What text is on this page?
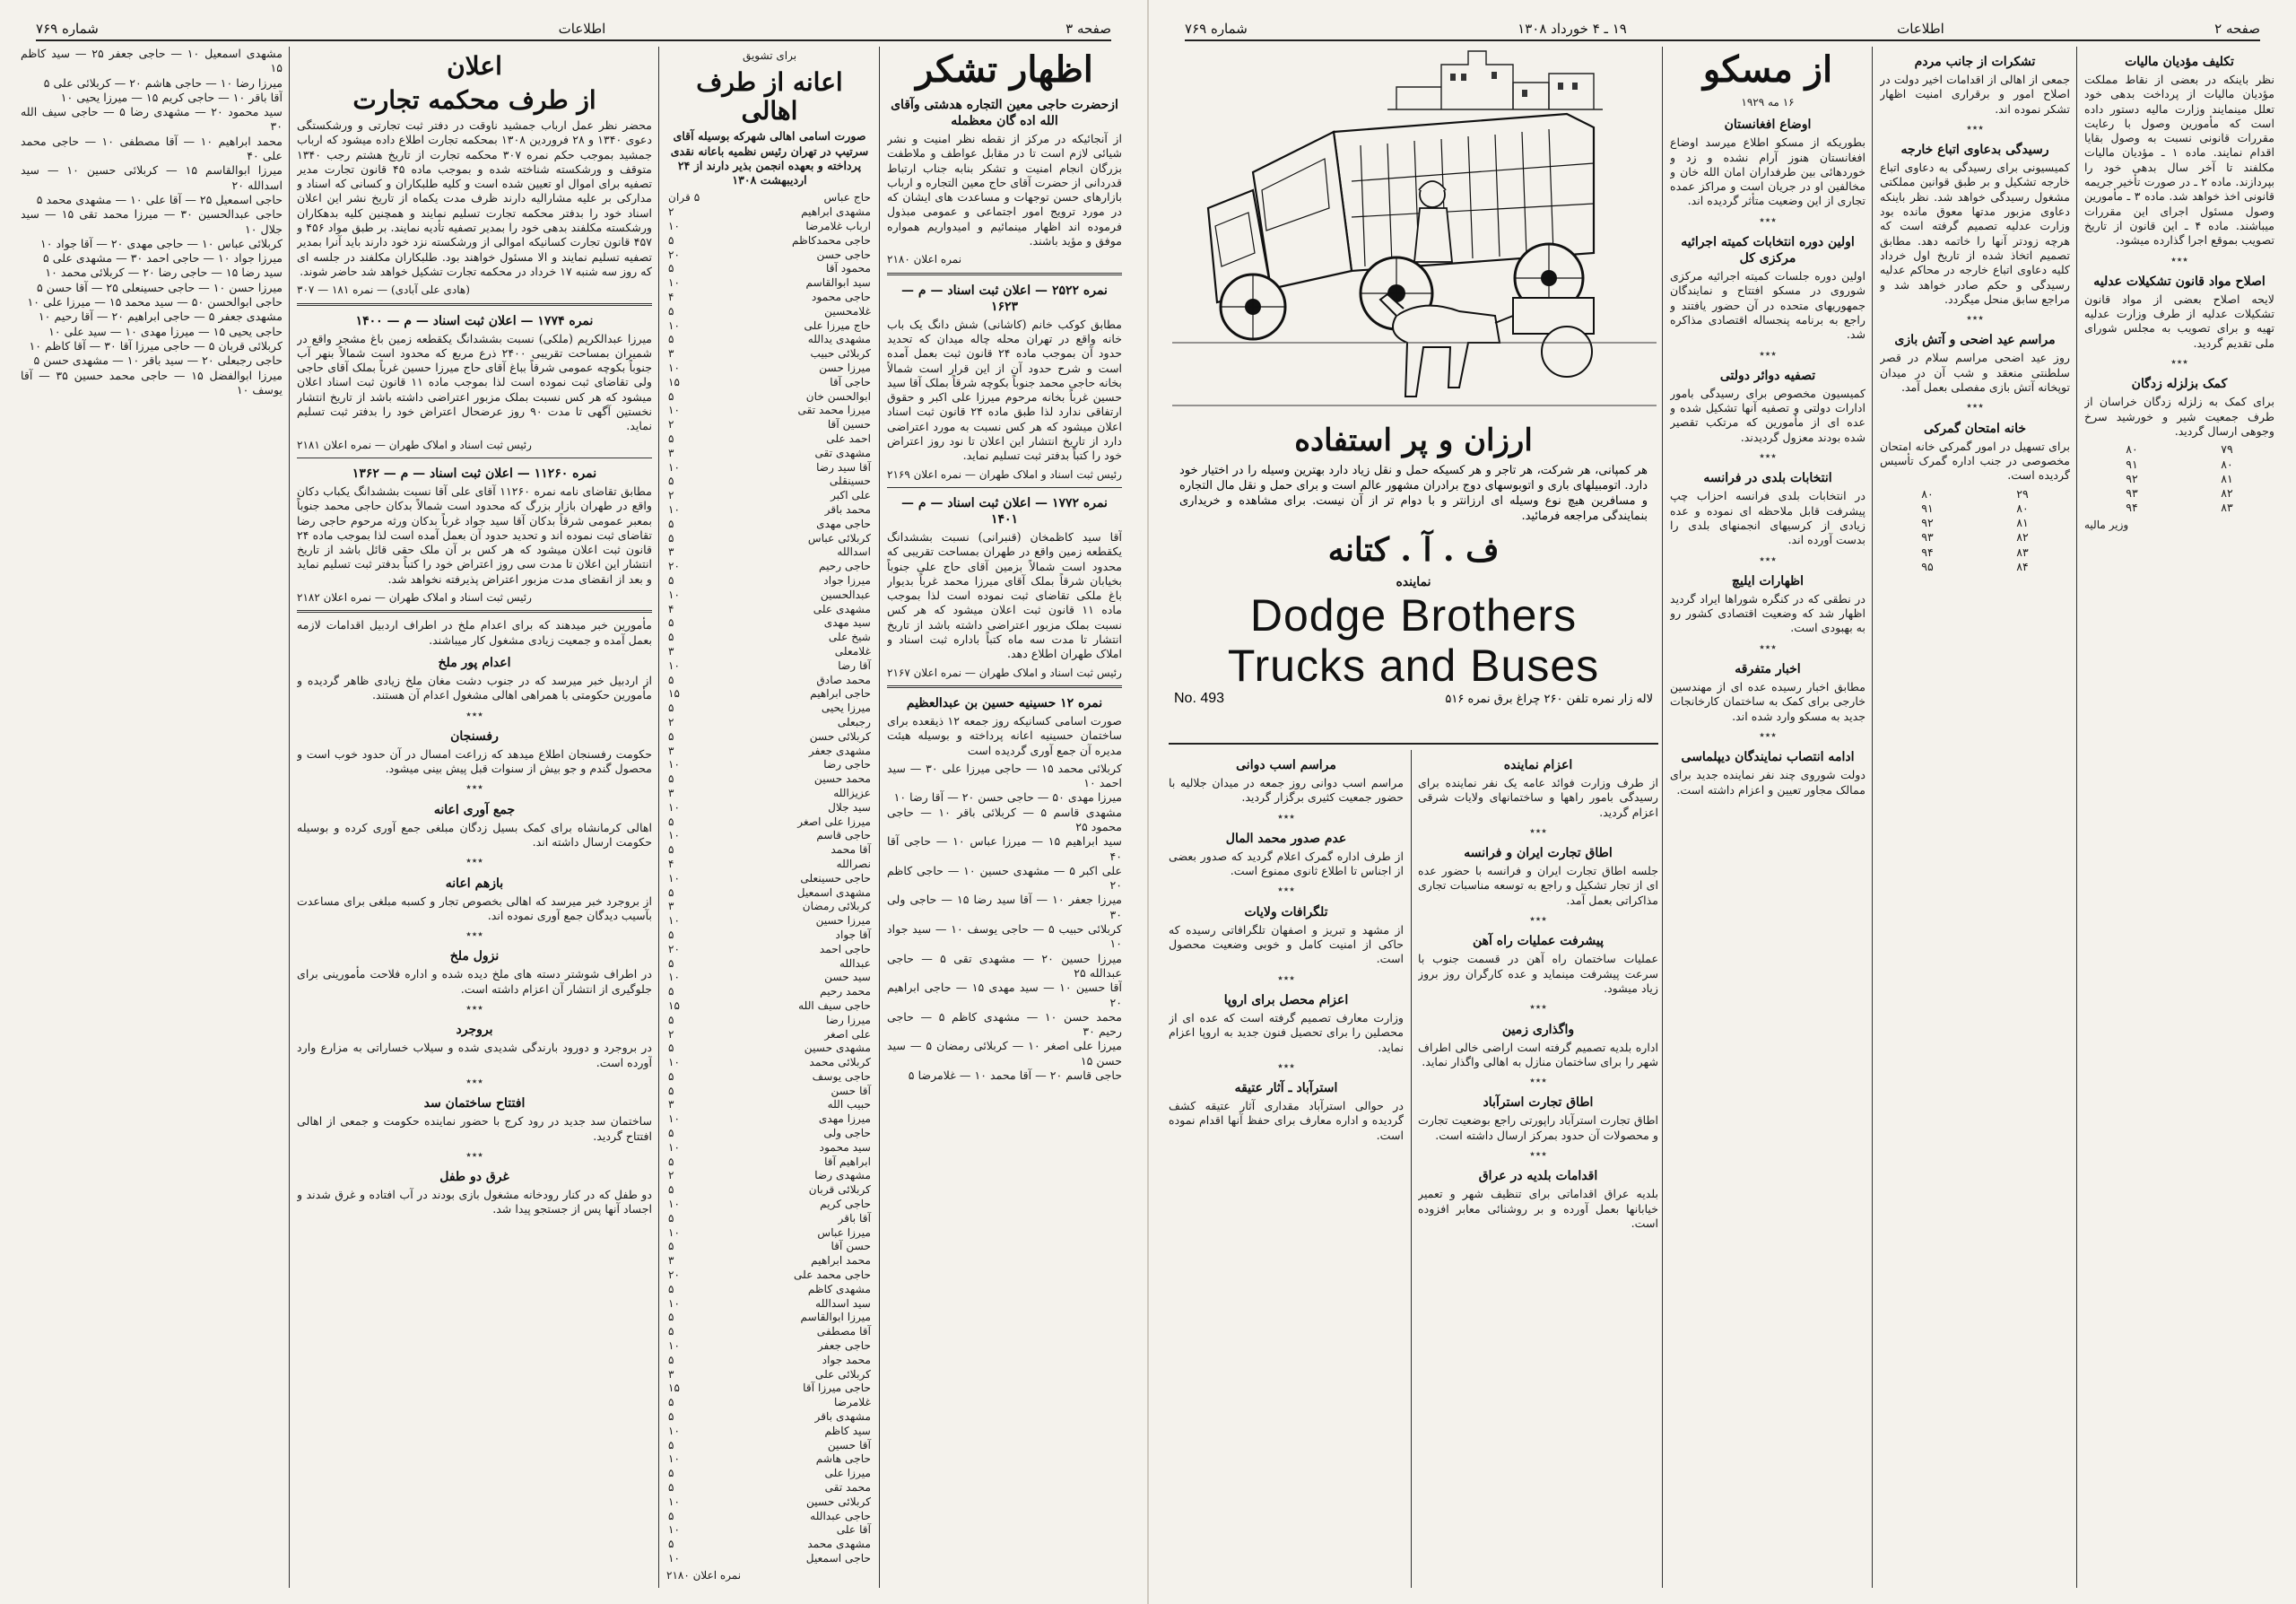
صفحه ۳
اطلاعات
شماره ۷۶۹
اظهار تشکر
ازحضرت حاجی معین التجاره هدشتی وآقای الله اده گان معظمله

از آنجائیکه در مرکز از نقطه نظر امنیت و نشر شیائی لازم است تا در مقابل عواطف و ملاطفت بزرگان انجام امنیت و تشکر بنابه جناب ارتباط قدردانی از حضرت آقای حاج معین التجاره و ارباب بازارهای حسن توجهات و مساعدت های ایشان که در مورد ترویج امور اجتماعی و عمومی مبذول فرموده اند اظهار مینمائیم و امیدواریم همواره موفق و مؤید باشند.

نمره اعلان ۲۱۸۰
نمره ۲۵۲۲ — اعلان ثبت اسناد — م — ۱۶۲۳

مطابق کوکب خانم (کاشانی) شش دانگ یک باب خانه واقع در تهران محله چاله میدان که تحدید حدود آن بموجب ماده ۲۴ قانون ثبت بعمل آمده است و شرح حدود آن از این قرار است شمالاً بخانه حاجی محمد جنوباً بکوچه شرقاً بملک آقا سید حسین غرباً بخانه مرحوم میرزا علی اکبر و حقوق ارتفاقی ندارد لذا طبق ماده ۲۴ قانون ثبت اسناد اعلان میشود که هر کس نسبت به مورد اعتراضی دارد از تاریخ انتشار این اعلان تا نود روز اعتراض خود را کتباً بدفتر ثبت تسلیم نماید.

رئیس ثبت اسناد و املاک طهران — نمره اعلان ۲۱۶۹
نمره ۱۷۷۲ — اعلان ثبت اسناد — م — ۱۴۰۱

آقا سید کاظمخان (قنبرانی) نسبت بششدانگ یکقطعه زمین واقع در طهران بمساحت تقریبی که محدود است شمالاً بزمین آقای حاج علی جنوباً بخیابان شرقاً بملک آقای میرزا محمد غرباً بدیوار باغ ملکی تقاضای ثبت نموده است لذا بموجب ماده ۱۱ قانون ثبت اعلان میشود که هر کس نسبت بملک مزبور اعتراضی داشته باشد از تاریخ انتشار تا مدت سه ماه کتباً باداره ثبت اسناد و املاک طهران اطلاع دهد.

رئیس ثبت اسناد و املاک طهران — نمره اعلان ۲۱۶۷
نمره ۱۲ حسینیه حسین بن عبدالعظیم

صورت اسامی کسانیکه روز جمعه ۱۲ ذیقعده برای ساختمان حسینیه اعانه پرداخته و بوسیله هیئت مدیره آن جمع آوری گردیده است

کربلائی محمد ۱۵ — حاجی میرزا علی ۳۰ — سید احمد ۱۰
میرزا مهدی ۵۰ — حاجی حسن ۲۰ — آقا رضا ۱۰
مشهدی قاسم ۵ — کربلائی باقر ۱۰ — حاجی محمود ۲۵
سید ابراهیم ۱۵ — میرزا عباس ۱۰ — حاجی آقا ۴۰
علی اکبر ۵ — مشهدی حسین ۱۰ — حاجی کاظم ۲۰
میرزا جعفر ۱۰ — آقا سید رضا ۱۵ — حاجی ولی ۳۰
کربلائی حبیب ۵ — حاجی یوسف ۱۰ — سید جواد ۱۰
میرزا حسین ۲۰ — مشهدی تقی ۵ — حاجی عبدالله ۲۵
آقا حسین ۱۰ — سید مهدی ۱۵ — حاجی ابراهیم ۲۰
محمد حسن ۱۰ — مشهدی کاظم ۵ — حاجی رحیم ۳۰
میرزا علی اصغر ۱۰ — کربلائی رمضان ۵ — سید حسن ۱۵
حاجی قاسم ۲۰ — آقا محمد ۱۰ — غلامرضا ۵
برای تشویق
اعانه از طرف اهالی

صورت اسامی اهالی شهرکه بوسیله آقای سرتیپ در تهران رئیس نظمیه باعانه نقدی پرداخته و بعهده انجمن بذیر دارند از ۲۴ اردیبهشت ۱۳۰۸

حاج عباس	۵ قران
مشهدی ابراهیم	۲
ارباب غلامرضا	۱۰
حاجی محمدکاظم	۵
حاجی حسن	۲۰
محمود آقا	۵
سید ابوالقاسم	۱۰
حاجی محمود	۴
غلامحسین	۵
حاج میرزا علی	۱۰
مشهدی یدالله	۵
کربلائی حبیب	۳
میرزا حسن	۱۰
حاجی آقا	۱۵
ابوالحسن خان	۵
میرزا محمد تقی	۱۰
حسین آقا	۲
احمد علی	۵
مشهدی تقی	۳
آقا سید رضا	۱۰
حسینقلی	۵
علی اکبر	۲
محمد باقر	۱۰
حاجی مهدی	۵
کربلائی عباس	۵
اسدالله	۳
حاجی رحیم	۲۰
میرزا جواد	۵
عبدالحسین	۱۰
مشهدی علی	۴
سید مهدی	۵
شیخ علی	۵
غلامعلی	۳
آقا رضا	۱۰
محمد صادق	۵
حاجی ابراهیم	۱۵
میرزا یحیی	۵
رجبعلی	۲
کربلائی حسن	۵
مشهدی جعفر	۳
حاجی رضا	۱۰
محمد حسین	۵
عزیزالله	۳
سید جلال	۱۰
میرزا علی اصغر	۵
حاجی قاسم	۱۰
آقا محمد	۵
نصرالله	۴
حاجی حسینعلی	۱۰
مشهدی اسمعیل	۵
کربلائی رمضان	۳
میرزا حسین	۱۰
آقا جواد	۵
حاجی احمد	۲۰
عبدالله	۵
سید حسن	۱۰
محمد رحیم	۵
حاجی سیف الله	۱۵
میرزا رضا	۵
علی اصغر	۲
مشهدی حسین	۵
کربلائی محمد	۱۰
حاجی یوسف	۵
آقا حسن	۵
حبیب الله	۳
میرزا مهدی	۱۰
حاجی ولی	۵
سید محمود	۱۰
ابراهیم آقا	۵
مشهدی رضا	۲
کربلائی قربان	۵
حاجی کریم	۱۰
آقا باقر	۵
میرزا عباس	۱۰
حسن آقا	۵
محمد ابراهیم	۳
حاجی محمد علی	۲۰
مشهدی کاظم	۵
سید اسدالله	۱۰
میرزا ابوالقاسم	۵
آقا مصطفی	۵
حاجی جعفر	۱۰
محمد جواد	۵
کربلائی علی	۳
حاجی میرزا آقا	۱۵
غلامرضا	۵
مشهدی باقر	۵
سید کاظم	۱۰
آقا حسین	۵
حاجی هاشم	۱۰
میرزا علی	۵
محمد تقی	۵
کربلائی حسین	۱۰
حاجی عبدالله	۵
آقا علی	۱۰
مشهدی محمد	۵
حاجی اسمعیل	۱۰
نمره اعلان ۲۱۸۰
اعلان
از طرف محکمه تجارت

محضر نظر عمل ارباب جمشید ناوقت در دفتر ثبت تجارتی و ورشکستگی دعوی ۱۳۴۰ و ۲۸ فروردین ۱۳۰۸ بمحکمه تجارت اطلاع داده میشود که ارباب جمشید بموجب حکم نمره ۳۰۷ محکمه تجارت از تاریخ هشتم رجب ۱۳۴۰ متوقف و ورشکسته شناخته شده و بموجب ماده ۴۵ قانون تجارت مدیر تصفیه برای اموال او تعیین شده است و کلیه طلبکاران و کسانی که اسناد و مدارکی بر علیه مشارالیه دارند ظرف مدت یکماه از تاریخ نشر این اعلان اسناد خود را بدفتر محکمه تجارت تسلیم نمایند و همچنین کلیه بدهکاران ورشکسته مکلفند بدهی خود را بمدیر تصفیه تأدیه نمایند. بر طبق مواد ۴۵۶ و ۴۵۷ قانون تجارت کسانیکه اموالی از ورشکسته نزد خود دارند باید آنرا بمدیر تصفیه تسلیم نمایند و الا مسئول خواهند بود. طلبکاران مکلفند در جلسه ای که روز سه شنبه ۱۷ خرداد در محکمه تجارت تشکیل خواهد شد حاضر شوند.

(هادی علی آبادی) — نمره ۱۸۱ — ۳۰۷
نمره ۱۷۷۴ — اعلان ثبت اسناد — م — ۱۴۰۰

میرزا عبدالکریم (ملکی) نسبت بششدانگ یکقطعه زمین باغ مشجر واقع در شمیران بمساحت تقریبی ۲۴۰۰ ذرع مربع که محدود است شمالاً بنهر آب جنوباً بکوچه عمومی شرقاً بباغ آقای حاج میرزا حسین غرباً بملک آقای حاجی ولی تقاضای ثبت نموده است لذا بموجب ماده ۱۱ قانون ثبت اسناد اعلان میشود که هر کس نسبت بملک مزبور اعتراضی داشته باشد از تاریخ انتشار نخستین آگهی تا مدت ۹۰ روز عرضحال اعتراض خود را بدفتر ثبت تسلیم نماید.

رئیس ثبت اسناد و املاک طهران — نمره اعلان ۲۱۸۱
نمره ۱۱۲۶۰ — اعلان ثبت اسناد — م — ۱۳۶۲

مطابق تقاضای نامه نمره ۱۱۲۶۰ آقای علی آقا نسبت بششدانگ یکباب دکان واقع در طهران بازار بزرگ که محدود است شمالاً بدکان حاجی محمد جنوباً بمعبر عمومی شرقاً بدکان آقا سید جواد غرباً بدکان ورثه مرحوم حاجی رضا تقاضای ثبت نموده اند و تحدید حدود آن بعمل آمده است لذا بموجب ماده ۲۴ قانون ثبت اعلان میشود که هر کس بر آن ملک حقی قائل باشد از تاریخ انتشار این اعلان تا مدت سی روز اعتراض خود را کتباً بدفتر ثبت تسلیم نماید و بعد از انقضای مدت مزبور اعتراض پذیرفته نخواهد شد.

رئیس ثبت اسناد و املاک طهران — نمره اعلان ۲۱۸۲

مأمورین خبر میدهند که برای اعدام ملخ در اطراف اردبیل اقدامات لازمه بعمل آمده و جمعیت زیادی مشغول کار میباشند.

اعدام پور ملخ

از اردبیل خبر میرسد که در جنوب دشت مغان ملخ زیادی ظاهر گردیده و مأمورین حکومتی با همراهی اهالی مشغول اعدام آن هستند.

٭٭٭
رفسنجان

حکومت رفسنجان اطلاع میدهد که زراعت امسال در آن حدود خوب است و محصول گندم و جو بیش از سنوات قبل پیش بینی میشود.

٭٭٭
جمع آوری اعانه

اهالی کرمانشاه برای کمک بسیل زدگان مبلغی جمع آوری کرده و بوسیله حکومت ارسال داشته اند.

٭٭٭
بازهم اعانه

از بروجرد خبر میرسد که اهالی بخصوص تجار و کسبه مبلغی برای مساعدت بآسیب دیدگان جمع آوری نموده اند.

٭٭٭
نزول ملخ

در اطراف شوشتر دسته های ملخ دیده شده و اداره فلاحت مأمورینی برای جلوگیری از انتشار آن اعزام داشته است.

٭٭٭
بروجرد

در بروجرد و دورود بارندگی شدیدی شده و سیلاب خساراتی به مزارع وارد آورده است.

٭٭٭
افتتاح ساختمان سد

ساختمان سد جدید در رود کرج با حضور نماینده حکومت و جمعی از اهالی افتتاح گردید.

٭٭٭
غرق دو طفل

دو طفل که در کنار رودخانه مشغول بازی بودند در آب افتاده و غرق شدند و اجساد آنها پس از جستجو پیدا شد.

مشهدی اسمعیل ۱۰ — حاجی جعفر ۲۵ — سید کاظم ۱۵
میرزا رضا ۱۰ — حاجی هاشم ۲۰ — کربلائی علی ۵
آقا باقر ۱۰ — حاجی کریم ۱۵ — میرزا یحیی ۱۰
سید محمود ۲۰ — مشهدی رضا ۵ — حاجی سیف الله ۳۰
محمد ابراهیم ۱۰ — آقا مصطفی ۱۰ — حاجی محمد علی ۴۰
میرزا ابوالقاسم ۱۵ — کربلائی حسین ۱۰ — سید اسدالله ۲۰
حاجی اسمعیل ۲۵ — آقا علی ۱۰ — مشهدی محمد ۵
حاجی عبدالحسین ۳۰ — میرزا محمد تقی ۱۵ — سید جلال ۱۰
کربلائی عباس ۱۰ — حاجی مهدی ۲۰ — آقا جواد ۱۰
میرزا جواد ۱۰ — حاجی احمد ۳۰ — مشهدی علی ۵
سید رضا ۱۵ — حاجی رضا ۲۰ — کربلائی محمد ۱۰
میرزا حسن ۱۰ — حاجی حسینعلی ۲۵ — آقا حسن ۵
حاجی ابوالحسن ۵۰ — سید محمد ۱۵ — میرزا علی ۱۰
مشهدی جعفر ۵ — حاجی ابراهیم ۲۰ — آقا رحیم ۱۰
حاجی یحیی ۱۵ — میرزا مهدی ۱۰ — سید علی ۱۰
کربلائی قربان ۵ — حاجی میرزا آقا ۳۰ — آقا کاظم ۱۰
حاجی رجبعلی ۲۰ — سید باقر ۱۰ — مشهدی حسن ۵
میرزا ابوالفضل ۱۵ — حاجی محمد حسین ۳۵ — آقا یوسف ۱۰
صفحه ۲
اطلاعات
۱۹ ـ ۴ خورداد ۱۳۰۸
شماره ۷۶۹
تکلیف مؤدیان مالیات

نظر باینکه در بعضی از نقاط مملکت مؤدیان مالیات از پرداخت بدهی خود تعلل مینمایند وزارت مالیه دستور داده است که مأمورین وصول با رعایت مقررات قانونی نسبت به وصول بقایا اقدام نمایند. ماده ۱ ـ مؤدیان مالیات مکلفند تا آخر سال بدهی خود را بپردازند. ماده ۲ ـ در صورت تأخیر جریمه قانونی اخذ خواهد شد. ماده ۳ ـ مأمورین وصول مسئول اجرای این مقررات میباشند. ماده ۴ ـ این قانون از تاریخ تصویب بموقع اجرا گذارده میشود.

٭٭٭
اصلاح مواد قانون تشکیلات عدلیه

لایحه اصلاح بعضی از مواد قانون تشکیلات عدلیه از طرف وزارت عدلیه تهیه و برای تصویب به مجلس شورای ملی تقدیم گردید.

٭٭٭
کمک بزلزله زدگان

برای کمک به زلزله زدگان خراسان از طرف جمعیت شیر و خورشید سرخ وجوهی ارسال گردید.

۷۹	۸۰
۸۰	۹۱
۸۱	۹۲
۸۲	۹۳
۸۳	۹۴
وزیر مالیه
تشکرات از جانب مردم

جمعی از اهالی از اقدامات اخیر دولت در اصلاح امور و برقراری امنیت اظهار تشکر نموده اند.

٭٭٭
رسیدگی بدعاوی اتباع خارجه

کمیسیونی برای رسیدگی به دعاوی اتباع خارجه تشکیل و بر طبق قوانین مملکتی مشغول رسیدگی خواهد شد. نظر باینکه دعاوی مزبور مدتها معوق مانده بود وزارت عدلیه تصمیم گرفته است که هرچه زودتر آنها را خاتمه دهد. مطابق تصمیم اتخاذ شده از تاریخ اول خرداد کلیه دعاوی اتباع خارجه در محاکم عدلیه رسیدگی و حکم صادر خواهد شد و مراجع سابق منحل میگردد.

٭٭٭
مراسم عید اضحی و آتش بازی

روز عید اضحی مراسم سلام در قصر سلطنتی منعقد و شب آن در میدان توپخانه آتش بازی مفصلی بعمل آمد.

٭٭٭
خانه امتحان گمرکی

برای تسهیل در امور گمرکی خانه امتحان مخصوصی در جنب اداره گمرک تأسیس گردیده است.

۲۹	۸۰
۸۰	۹۱
۸۱	۹۲
۸۲	۹۳
۸۳	۹۴
۸۴	۹۵
از مسکو
۱۶ مه ۱۹۲۹
اوضاع افغانستان

بطوریکه از مسکو اطلاع میرسد اوضاع افغانستان هنوز آرام نشده و زد و خوردهائی بین طرفداران امان الله خان و مخالفین او در جریان است و مراکز عمده تجاری از این وضعیت متأثر گردیده اند.

٭٭٭
اولین دوره انتخابات کمیته اجرائیه مرکزی کل

اولین دوره جلسات کمیته اجرائیه مرکزی شوروی در مسکو افتتاح و نمایندگان جمهوریهای متحده در آن حضور یافتند و راجع به برنامه پنجساله اقتصادی مذاکره شد.

٭٭٭
تصفیه دوائر دولتی

کمیسیون مخصوص برای رسیدگی بامور ادارات دولتی و تصفیه آنها تشکیل شده و عده ای از مأمورین که مرتکب تقصیر شده بودند معزول گردیدند.

٭٭٭
انتخابات بلدی در فرانسه

در انتخابات بلدی فرانسه احزاب چپ پیشرفت قابل ملاحظه ای نموده و عده زیادی از کرسیهای انجمنهای بلدی را بدست آورده اند.

٭٭٭
اظهارات ایلیچ

در نطقی که در کنگره شوراها ایراد گردید اظهار شد که وضعیت اقتصادی کشور رو به بهبودی است.

٭٭٭
اخبار متفرقه

مطابق اخبار رسیده عده ای از مهندسین خارجی برای کمک به ساختمان کارخانجات جدید به مسکو وارد شده اند.

٭٭٭
ادامه انتصاب نمایندگان دیپلماسی

دولت شوروی چند نفر نماینده جدید برای ممالک مجاور تعیین و اعزام داشته است.

ارزان و پر استفاده

هر کمپانی، هر شرکت، هر تاجر و هر کسیکه حمل و نقل زیاد دارد بهترین وسیله را در اختیار خود دارد. اتومبیلهای باری و اتوبوسهای دوج برادران مشهور عالم است و برای حمل و نقل مال التجاره و مسافرین هیچ نوع وسیله ای ارزانتر و با دوام تر از آن نیست. برای مشاهده و خریداری بنمایندگی مراجعه فرمائید.

ف . آ . کتانه
نماینده
Dodge Brothers
Trucks and Buses
No. 493	لاله زار نمره تلفن ۲۶۰ چراغ برق نمره ۵۱۶
اعزام نماینده

از طرف وزارت فوائد عامه یک نفر نماینده برای رسیدگی بامور راهها و ساختمانهای ولایات شرقی اعزام گردید.

٭٭٭
اطاق تجارت ایران و فرانسه

جلسه اطاق تجارت ایران و فرانسه با حضور عده ای از تجار تشکیل و راجع به توسعه مناسبات تجاری مذاکراتی بعمل آمد.

٭٭٭
پیشرفت عملیات راه آهن

عملیات ساختمان راه آهن در قسمت جنوب با سرعت پیشرفت مینماید و عده کارگران روز بروز زیاد میشود.

٭٭٭
واگذاری زمین

اداره بلدیه تصمیم گرفته است اراضی خالی اطراف شهر را برای ساختمان منازل به اهالی واگذار نماید.

٭٭٭
اطاق تجارت استرآباد

اطاق تجارت استرآباد راپورتی راجع بوضعیت تجارت و محصولات آن حدود بمرکز ارسال داشته است.

٭٭٭
اقدامات بلدیه در عراق

بلدیه عراق اقداماتی برای تنظیف شهر و تعمیر خیابانها بعمل آورده و بر روشنائی معابر افزوده است.

مراسم اسب دوانی

مراسم اسب دوانی روز جمعه در میدان جلالیه با حضور جمعیت کثیری برگزار گردید.

٭٭٭
عدم صدور محمد المال

از طرف اداره گمرک اعلام گردید که صدور بعضی از اجناس تا اطلاع ثانوی ممنوع است.

٭٭٭
تلگرافات ولایات

از مشهد و تبریز و اصفهان تلگرافاتی رسیده که حاکی از امنیت کامل و خوبی وضعیت محصول است.

٭٭٭
اعزام محصل برای اروپا

وزارت معارف تصمیم گرفته است که عده ای از محصلین را برای تحصیل فنون جدید به اروپا اعزام نماید.

٭٭٭
استرآباد ـ آثار عتیقه

در حوالی استرآباد مقداری آثار عتیقه کشف گردیده و اداره معارف برای حفظ آنها اقدام نموده است.
